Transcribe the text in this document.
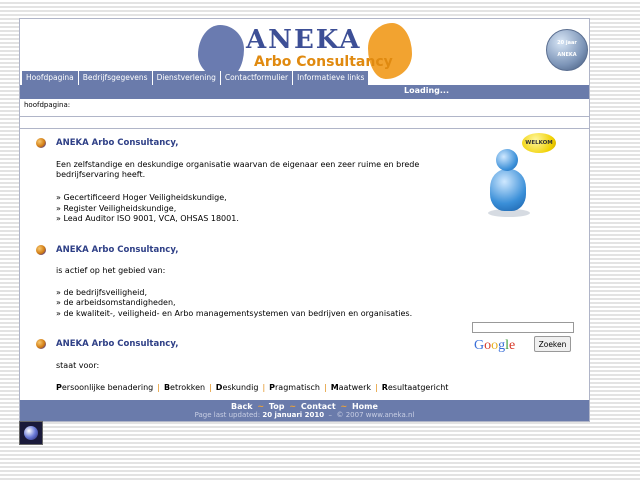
ANEKA
Arbo Consultancy
20 jaar
ANEKA
Hoofdpagina	Bedrijfsgegevens	Dienstverlening	Contactformulier	Informatieve links
Loading...
hoofdpagina:
ANEKA Arbo Consultancy,
Een zelfstandige en deskundige organisatie waarvan de eigenaar een zeer ruime en brede
bedrijfservaring heeft.
» Gecertificeerd Hoger Veiligheidskundige,
» Register Veiligheidskundige,
» Lead Auditor ISO 9001, VCA, OHSAS 18001.
ANEKA Arbo Consultancy,
is actief op het gebied van:
» de bedrijfsveiligheid,
» de arbeidsomstandigheden,
» de kwaliteit-, veiligheid- en Arbo managementsystemen van bedrijven en organisaties.
ANEKA Arbo Consultancy,
staat voor:
Persoonlijke benadering | Betrokken | Deskundig | Pragmatisch | Maatwerk | Resultaatgericht
WELKOM
Google	Zoeken
Back ~ Top ~ Contact ~ Home
Page last updated: 20 januari 2010  –  © 2007 www.aneka.nl
